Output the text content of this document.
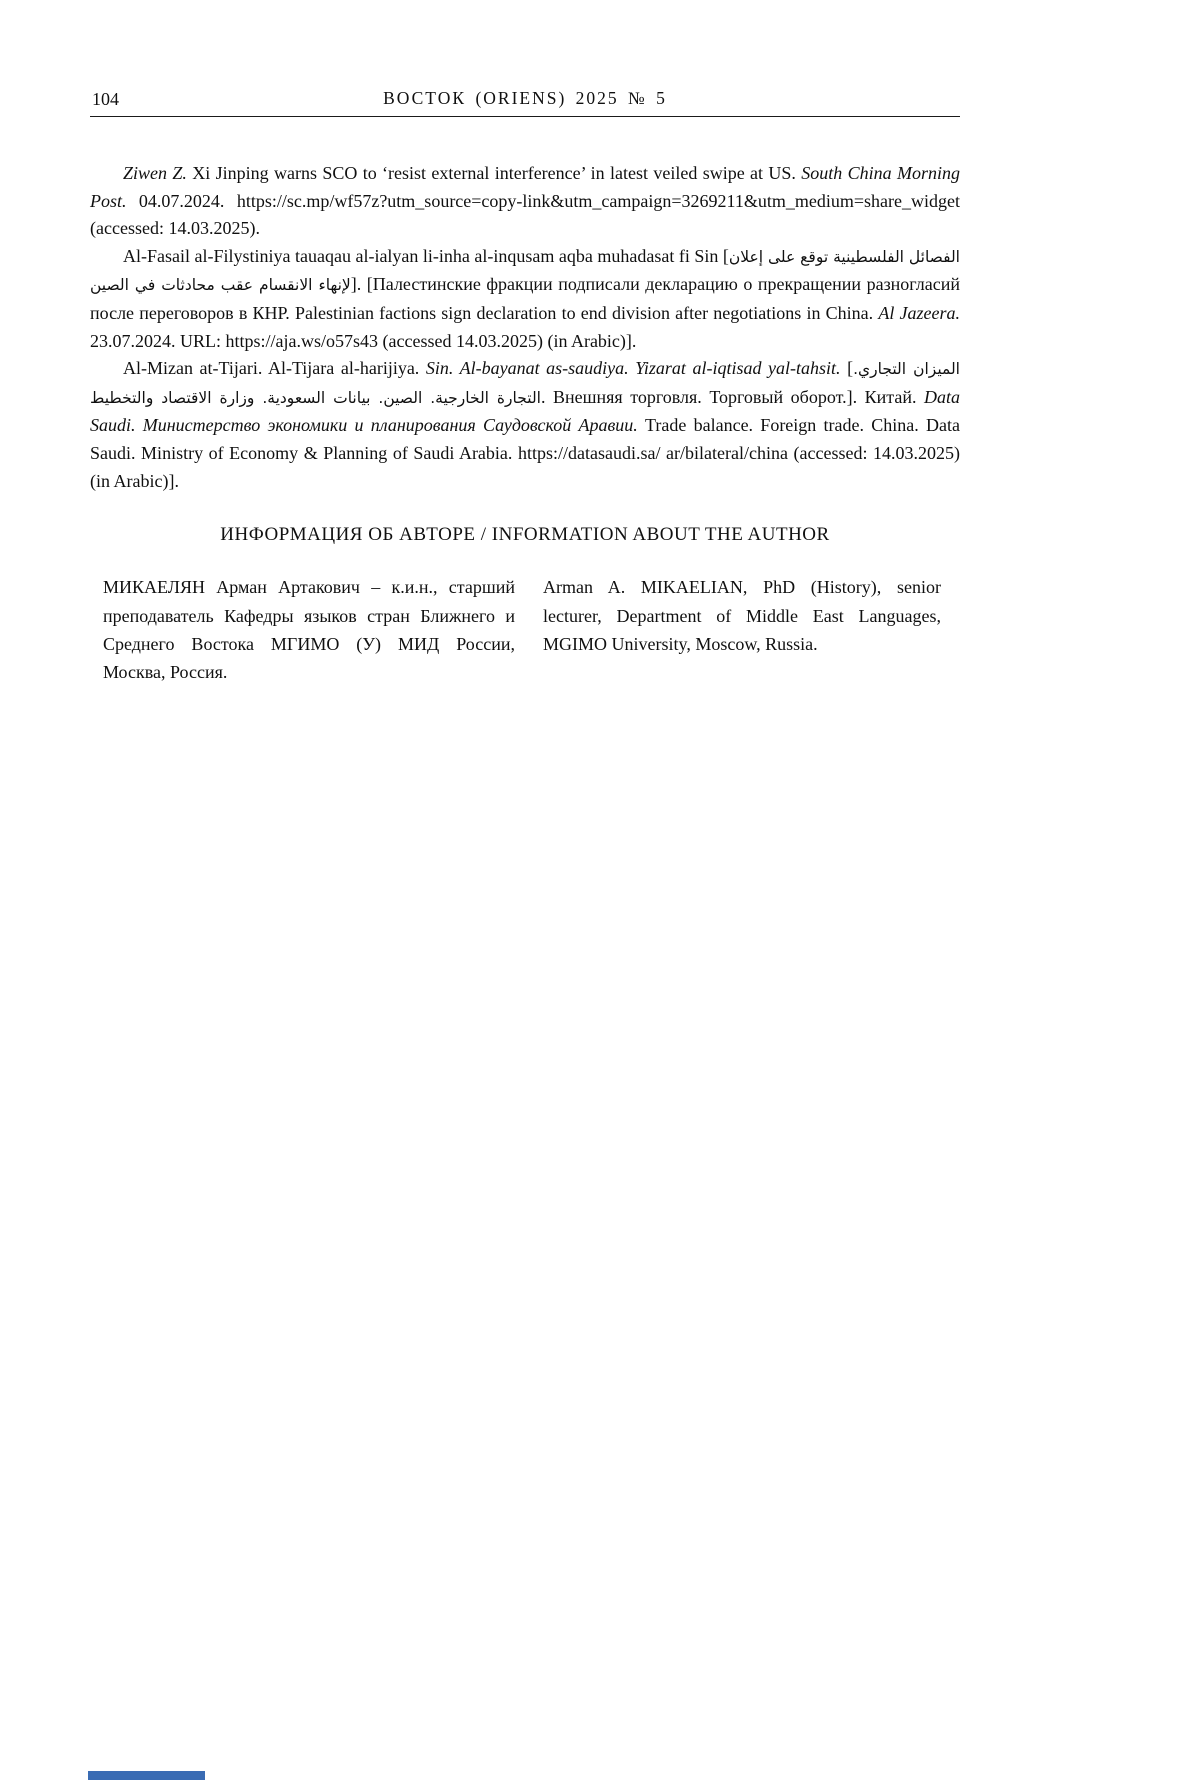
104	ВОСТОК (ORIENS) 2025 № 5

Ziwen Z. Xi Jinping warns SCO to ‘resist external interference’ in latest veiled swipe at US. South China Morning Post. 04.07.2024. https://sc.mp/wf57z?utm_source=copy-link&utm_campaign=3269211&utm_medium=share_widget (accessed: 14.03.2025).

Al-Fasail al-Filystiniya tauaqau al-ialyan li-inha al-inqusam aqba muhadasat fi Sin [الفصائل الفلسطينية توقع على إعلان لإنهاء الانقسام عقب محادثات في الصين]. [Палестинские фракции подписали декларацию о прекращении разногласий после переговоров в КНР. Palestinian factions sign declaration to end division after negotiations in China. Al Jazeera. 23.07.2024. URL: https://aja.ws/o57s43 (accessed 14.03.2025) (in Arabic)].

Al-Mizan at-Tijari. Al-Tijara al-harijiya. Sin. Al-bayanat as-saudiya. Yizarat al-iqtisad yal-tahsit. [الميزان التجاري. التجارة الخارجية. الصين. بيانات السعودية. وزارة الاقتصاد والتخطيط. Внешняя торговля. Торговый оборот.]. Китай. Data Saudi. Министерство экономики и планирования Саудовской Аравии. Trade balance. Foreign trade. China. Data Saudi. Ministry of Economy & Planning of Saudi Arabia. https://datasaudi.sa/ ar/bilateral/china (accessed: 14.03.2025) (in Arabic)].

ИНФОРМАЦИЯ ОБ АВТОРЕ / INFORMATION ABOUT THE AUTHOR
МИКАЕЛЯН Арман Артакович – к.и.н., старший преподаватель Кафедры языков стран Ближнего и Среднего Востока МГИМО (У) МИД России, Москва, Россия.
Arman A. MIKAELIAN, PhD (History), senior lecturer, Department of Middle East Languages, MGIMO University, Moscow, Russia.
